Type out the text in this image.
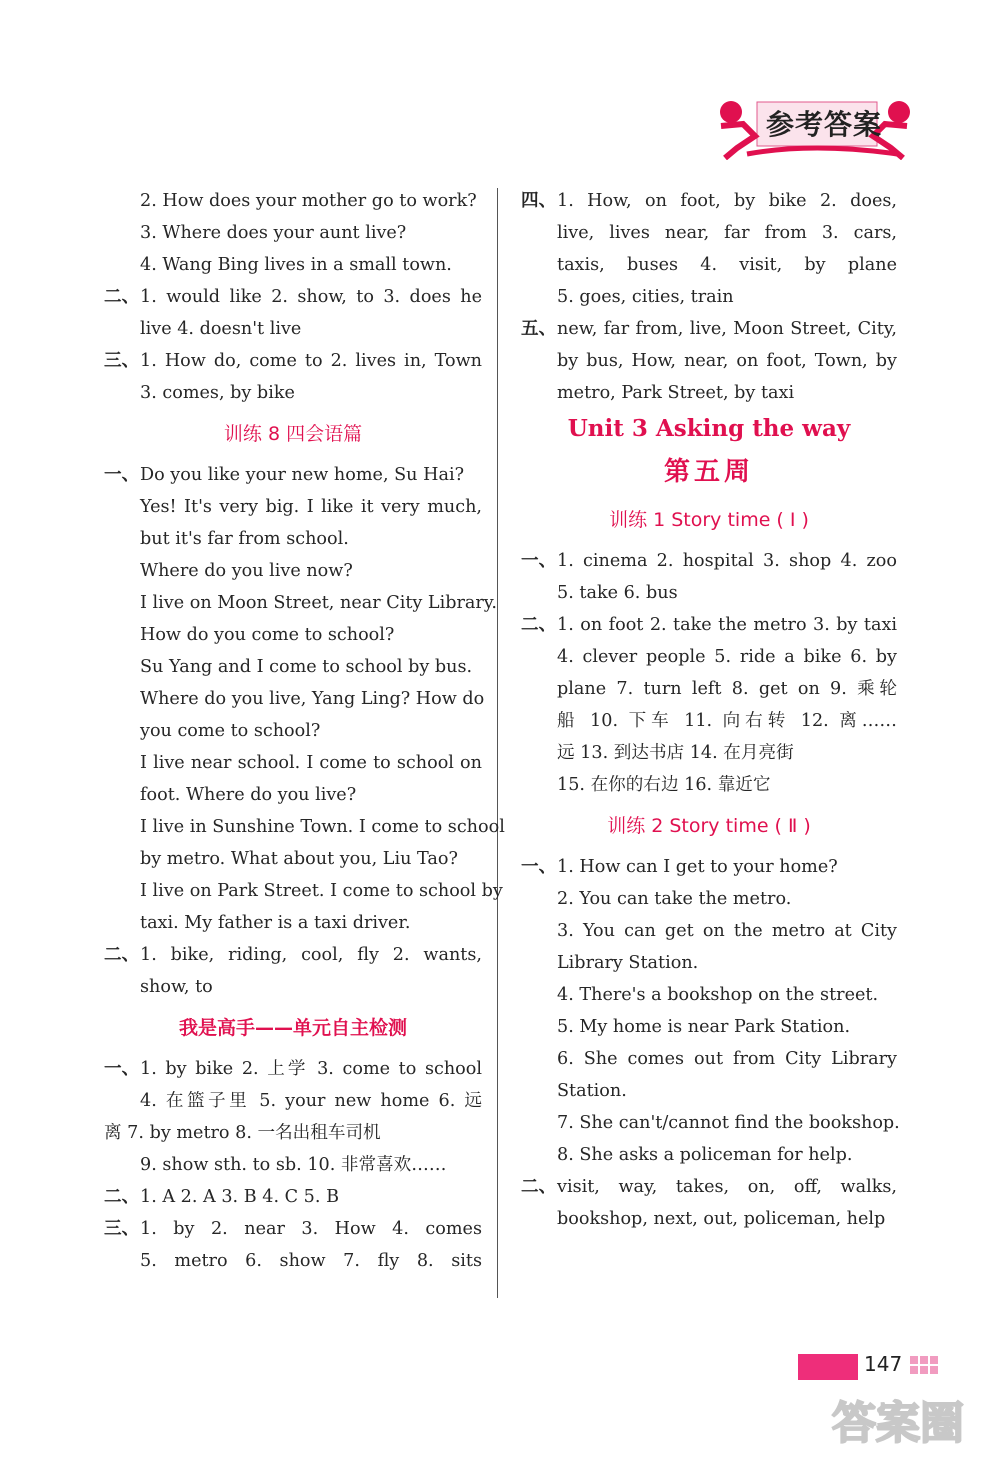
参考答案
2. How does your mother go to work?
3. Where does your aunt live?
4. Wang Bing lives in a small town.
二、 1. would like 2. show, to 3. does he
live 4. doesn't live
三、 1. How do, come to 2. lives in, Town
3. comes, by bike
训练 8 四会语篇
一、 Do you like your new home, Su Hai?
Yes! It's very big. I like it very much,
but it's far from school.
Where do you live now?
I live on Moon Street, near City Library.
How do you come to school?
Su Yang and I come to school by bus.
Where do you live, Yang Ling? How do
you come to school?
I live near school. I come to school on
foot. Where do you live?
I live in Sunshine Town. I come to school
by metro. What about you, Liu Tao?
I live on Park Street. I come to school by
taxi. My father is a taxi driver.
二、 1. bike, riding, cool, fly 2. wants,
show, to
我是高手——单元自主检测
一、 1. by bike 2. 上学 3. come to school
4. 在篮子里 5. your new home 6. 远
离 7. by metro 8. 一名出租车司机
9. show sth. to sb. 10. 非常喜欢……
二、 1. A 2. A 3. B 4. C 5. B
三、 1. by 2. near 3. How 4. comes
5. metro 6. show 7. fly 8. sits
四、 1. How, on foot, by bike 2. does,
live, lives near, far from 3. cars,
taxis, buses 4. visit, by plane
5. goes, cities, train
五、 new, far from, live, Moon Street, City,
by bus, How, near, on foot, Town, by
metro, Park Street, by taxi
Unit 3 Asking the way
第五周
训练 1 Story time ( Ⅰ )
一、 1. cinema 2. hospital 3. shop 4. zoo
5. take 6. bus
二、 1. on foot 2. take the metro 3. by taxi
4. clever people 5. ride a bike 6. by
plane 7. turn left 8. get on 9. 乘轮
船 10. 下车 11. 向右转 12. 离……
远 13. 到达书店 14. 在月亮街
15. 在你的右边 16. 靠近它
训练 2 Story time ( Ⅱ )
一、 1. How can I get to your home?
2. You can take the metro.
3. You can get on the metro at City
Library Station.
4. There's a bookshop on the street.
5. My home is near Park Station.
6. She comes out from City Library
Station.
7. She can't/cannot find the bookshop.
8. She asks a policeman for help.
二、 visit, way, takes, on, off, walks,
bookshop, next, out, policeman, help
147
答案圈
